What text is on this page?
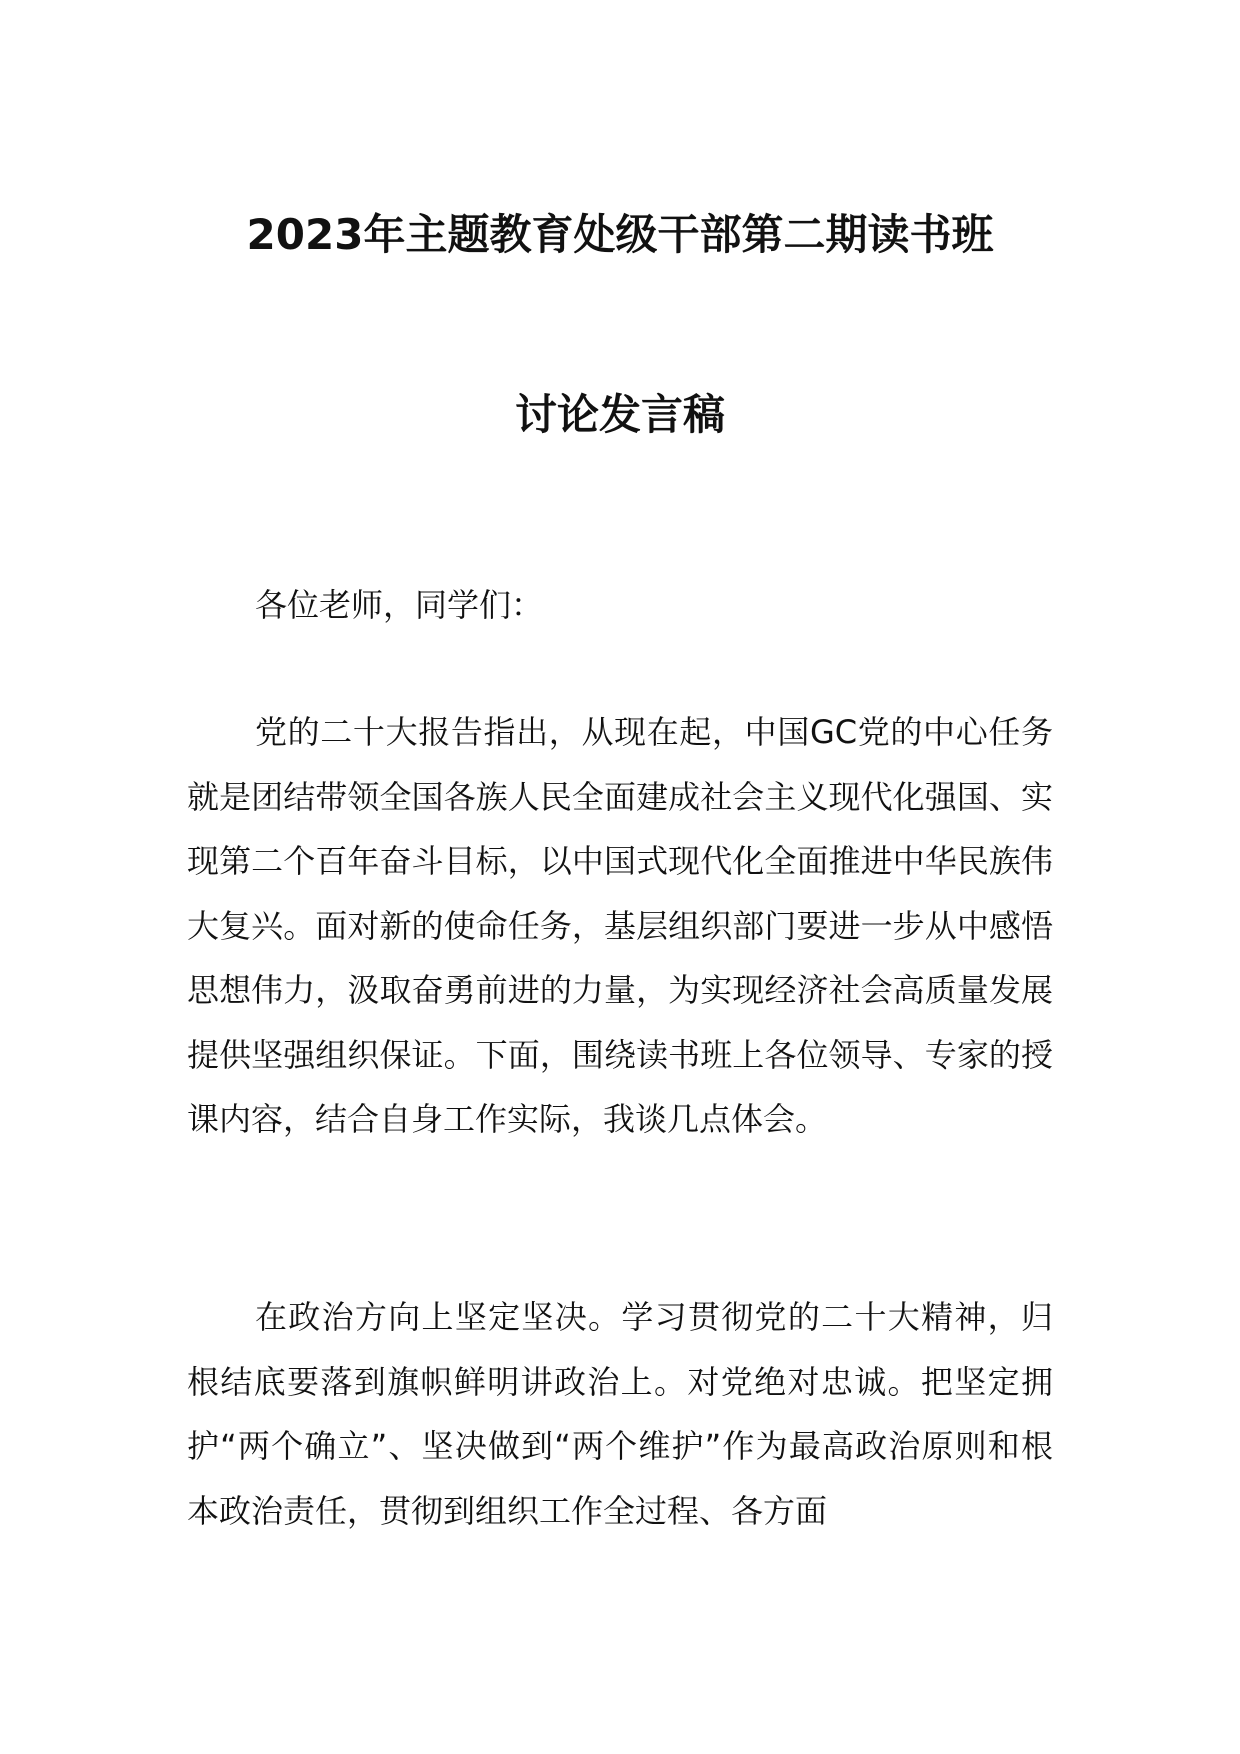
2023年主题教育处级干部第二期读书班
讨论发言稿

各位老师，同学们：

党的二十大报告指出，从现在起，中国GC党的中心任务就是团结带领全国各族人民全面建成社会主义现代化强国、实现第二个百年奋斗目标，以中国式现代化全面推进中华民族伟大复兴。面对新的使命任务，基层组织部门要进一步从中感悟思想伟力，汲取奋勇前进的力量，为实现经济社会高质量发展提供坚强组织保证。下面，围绕读书班上各位领导、专家的授课内容，结合自身工作实际，我谈几点体会。

在政治方向上坚定坚决。学习贯彻党的二十大精神，归根结底要落到旗帜鲜明讲政治上。对党绝对忠诚。把坚定拥护“两个确立”、坚决做到“两个维护”作为最高政治原则和根本政治责任，贯彻到组织工作全过程、各方面
